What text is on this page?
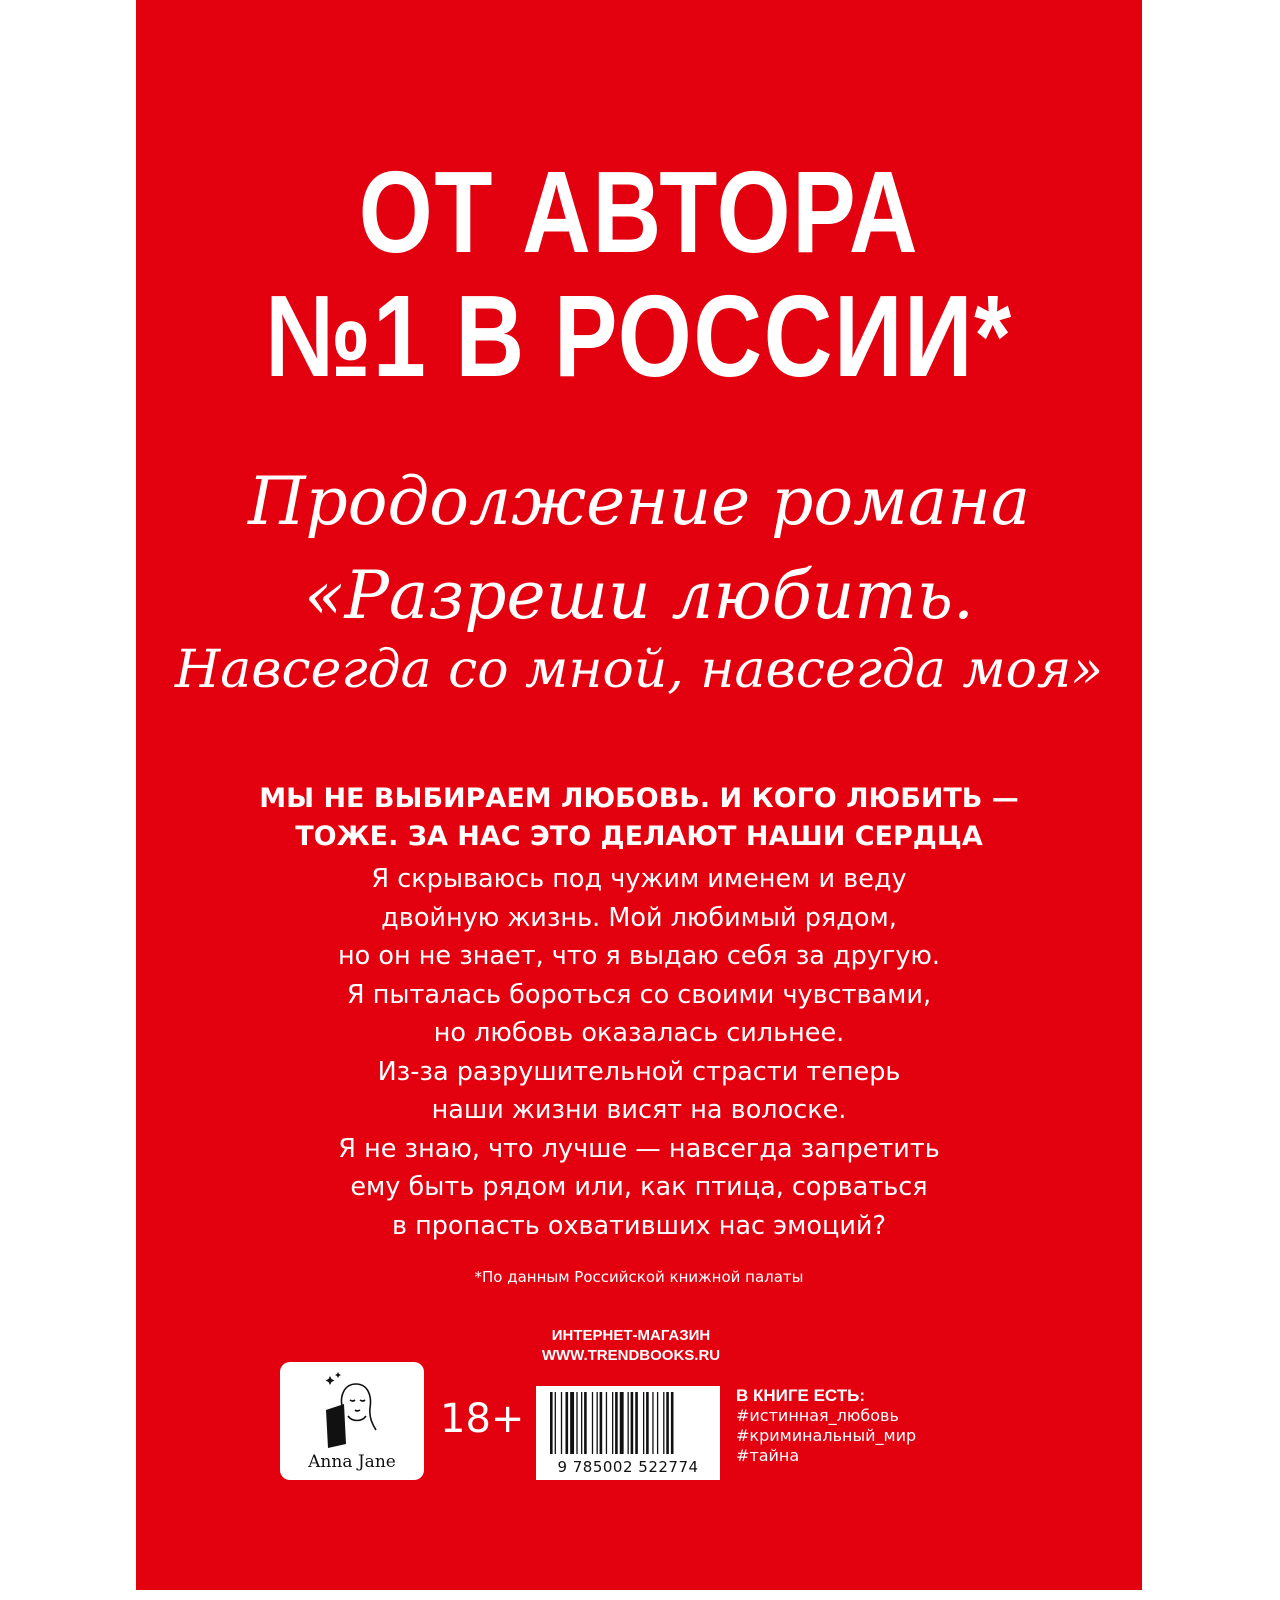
ОТ АВТОРА
№1 В РОССИИ*
Продолжение романа
«Разреши любить.
Навсегда со мной, навсегда моя»
МЫ НЕ ВЫБИРАЕМ ЛЮБОВЬ. И КОГО ЛЮБИТЬ —
ТОЖЕ. ЗА НАС ЭТО ДЕЛАЮТ НАШИ СЕРДЦА
Я скрываюсь под чужим именем и веду
двойную жизнь. Мой любимый рядом,
но он не знает, что я выдаю себя за другую.
Я пыталась бороться со своими чувствами,
но любовь оказалась сильнее.
Из-за разрушительной страсти теперь
наши жизни висят на волоске.
Я не знаю, что лучше — навсегда запретить
ему быть рядом или, как птица, сорваться
в пропасть охвативших нас эмоций?
*По данным Российской книжной палаты
ИНТЕРНЕТ-МАГАЗИН
WWW.TRENDBOOKS.RU
Anna Jane
18+
9 785002 522774
В КНИГЕ ЕСТЬ:
#истинная_любовь
#криминальный_мир
#тайна
